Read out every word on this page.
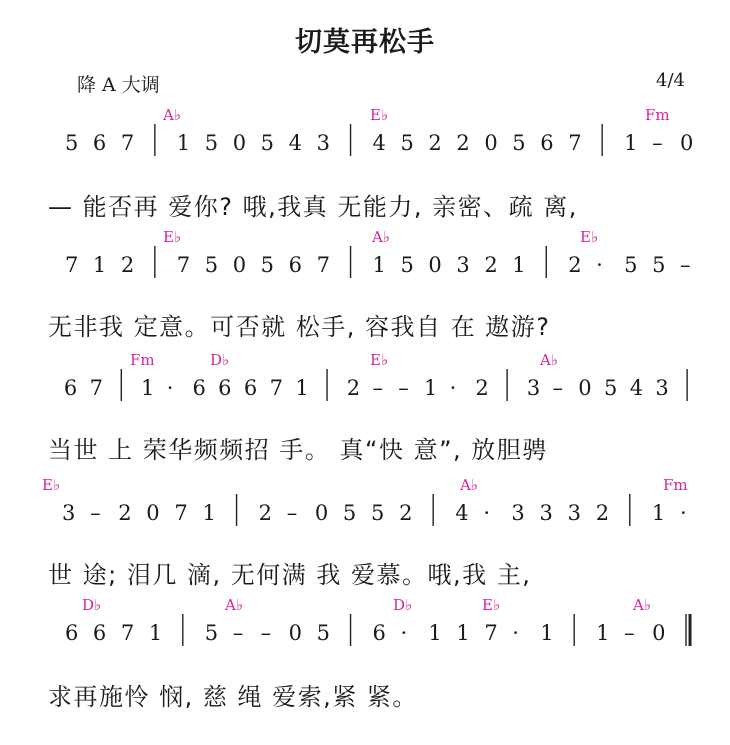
切莫再松手
降 A 大调	4/4
5 6 7 1 5 0 5 4 3 4 5 2 2 0 5 6 7 1 – 0
A♭	E♭	Fm
— 能否再 爱你? 哦,我真 无能力, 亲密、疏 离,
7 1 2 7 5 0 5 6 7 1 5 0 3 2 1 2 · 5 5 –
E♭	A♭	E♭
无非我 定意。可否就 松手, 容我自 在 遨游?
6 7 1 · 6 6 6 7 1 2 – – 1 · 2 3 – 0 5 4 3
Fm	D♭	E♭	A♭
当世 上 荣华频频招 手。 真“快 意”, 放胆骋
3 – 2 0 7 1 2 – 0 5 5 2 4 · 3 3 3 2 1 ·
E♭	A♭	Fm
世 途; 泪几 滴, 无何满 我 爱慕。哦,我 主,
6 6 7 1 5 – – 0 5 6 · 1 1 7 · 1 1 – 0
D♭	A♭	D♭	E♭	A♭
求再施怜 悯, 慈 绳 爱索,紧 紧。
